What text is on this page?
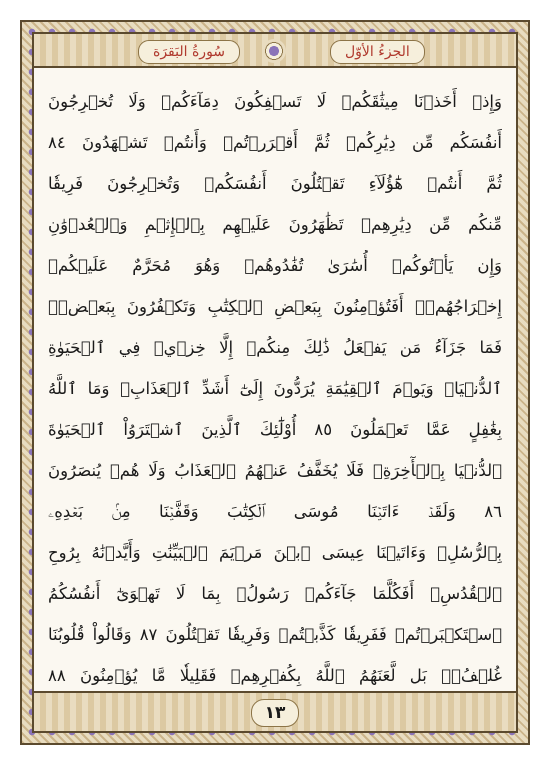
سُورةُ البَقرَة	الجزءُ الأوّل
وَإِذۡ أَخَذۡنَا مِيثَٰقَكُمۡ لَا تَسۡفِكُونَ دِمَآءَكُمۡ وَلَا تُخۡرِجُونَ
أَنفُسَكُم مِّن دِيَٰرِكُمۡ ثُمَّ أَقۡرَرۡتُمۡ وَأَنتُمۡ تَشۡهَدُونَ ٨٤
ثُمَّ أَنتُمۡ هَٰٓؤُلَآءِ تَقۡتُلُونَ أَنفُسَكُمۡ وَتُخۡرِجُونَ فَرِيقٗا
مِّنكُم مِّن دِيَٰرِهِمۡ تَظَٰهَرُونَ عَلَيۡهِم بِٱلۡإِثۡمِ وَٱلۡعُدۡوَٰنِ
وَإِن يَأۡتُوكُمۡ أُسَٰرَىٰ تُفَٰدُوهُمۡ وَهُوَ مُحَرَّمٌ عَلَيۡكُمۡ
إِخۡرَاجُهُمۡۚ أَفَتُؤۡمِنُونَ بِبَعۡضِ ٱلۡكِتَٰبِ وَتَكۡفُرُونَ بِبَعۡضٖۚ
فَمَا جَزَآءُ مَن يَفۡعَلُ ذَٰلِكَ مِنكُمۡ إِلَّا خِزۡيٞ فِي ٱلۡحَيَوٰةِ
ٱلدُّنۡيَاۖ وَيَوۡمَ ٱلۡقِيَٰمَةِ يُرَدُّونَ إِلَىٰٓ أَشَدِّ ٱلۡعَذَابِۗ وَمَا ٱللَّهُ
بِغَٰفِلٍ عَمَّا تَعۡمَلُونَ ٨٥ أُوْلَٰٓئِكَ ٱلَّذِينَ ٱشۡتَرَوُاْ ٱلۡحَيَوٰةَ
ٱلدُّنۡيَا بِٱلۡأٓخِرَةِۖ فَلَا يُخَفَّفُ عَنۡهُمُ ٱلۡعَذَابُ وَلَا هُمۡ يُنصَرُونَ
٨٦ وَلَقَدۡ ءَاتَيۡنَا مُوسَى ٱلۡكِتَٰبَ وَقَفَّيۡنَا مِنۢ بَعۡدِهِۦ
بِٱلرُّسُلِۖ وَءَاتَيۡنَا عِيسَى ٱبۡنَ مَرۡيَمَ ٱلۡبَيِّنَٰتِ وَأَيَّدۡنَٰهُ بِرُوحِ
ٱلۡقُدُسِۗ أَفَكُلَّمَا جَآءَكُمۡ رَسُولُۢ بِمَا لَا تَهۡوَىٰٓ أَنفُسُكُمُ
ٱسۡتَكۡبَرۡتُمۡ فَفَرِيقٗا كَذَّبۡتُمۡ وَفَرِيقٗا تَقۡتُلُونَ ٨٧ وَقَالُواْ قُلُوبُنَا
غُلۡفُۢۚ بَل لَّعَنَهُمُ ٱللَّهُ بِكُفۡرِهِمۡ فَقَلِيلٗا مَّا يُؤۡمِنُونَ ٨٨
١٣
